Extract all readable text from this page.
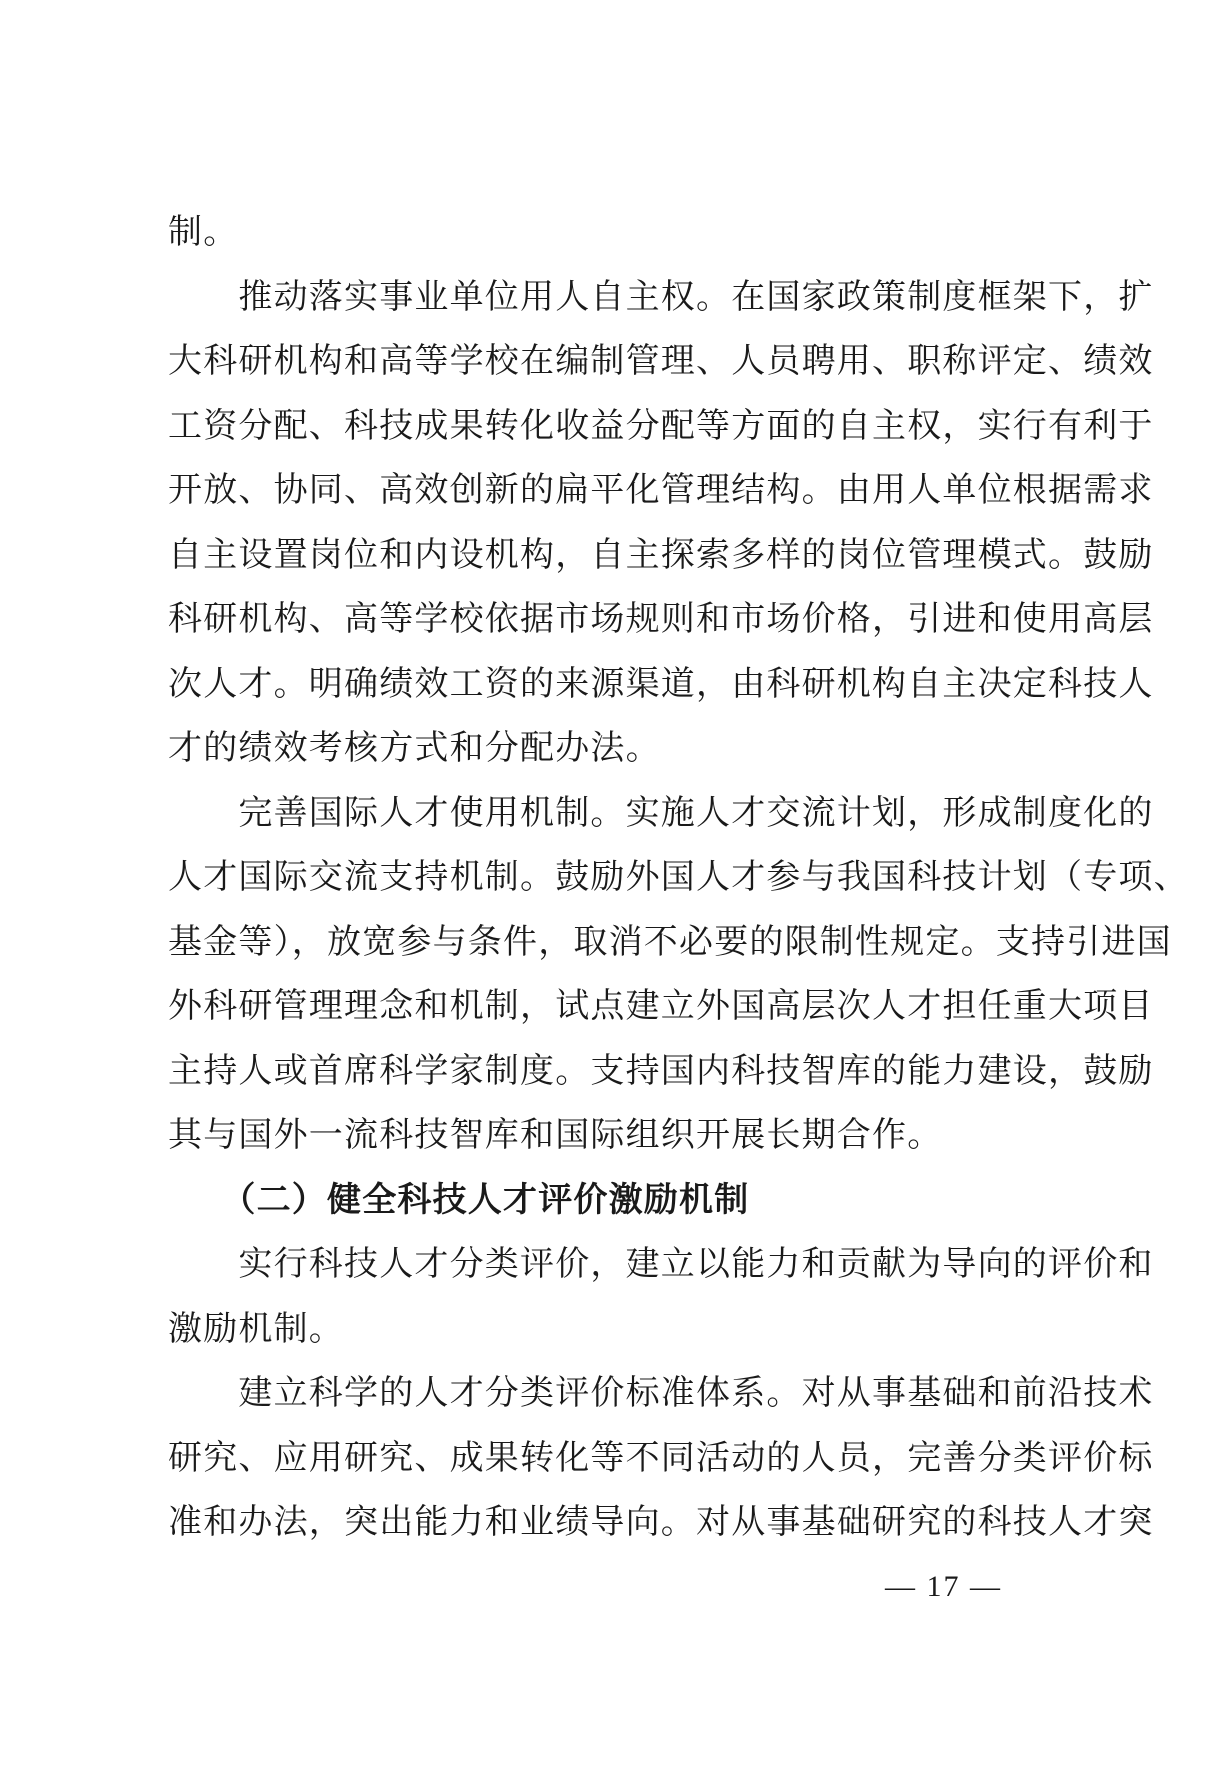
制。
　　推动落实事业单位用人自主权。在国家政策制度框架下，扩
大科研机构和高等学校在编制管理、人员聘用、职称评定、绩效
工资分配、科技成果转化收益分配等方面的自主权，实行有利于
开放、协同、高效创新的扁平化管理结构。由用人单位根据需求
自主设置岗位和内设机构，自主探索多样的岗位管理模式。鼓励
科研机构、高等学校依据市场规则和市场价格，引进和使用高层
次人才。明确绩效工资的来源渠道，由科研机构自主决定科技人
才的绩效考核方式和分配办法。
　　完善国际人才使用机制。实施人才交流计划，形成制度化的
人才国际交流支持机制。鼓励外国人才参与我国科技计划（专项、
基金等），放宽参与条件，取消不必要的限制性规定。支持引进国
外科研管理理念和机制，试点建立外国高层次人才担任重大项目
主持人或首席科学家制度。支持国内科技智库的能力建设，鼓励
其与国外一流科技智库和国际组织开展长期合作。
　　（二）健全科技人才评价激励机制
　　实行科技人才分类评价，建立以能力和贡献为导向的评价和
激励机制。
　　建立科学的人才分类评价标准体系。对从事基础和前沿技术
研究、应用研究、成果转化等不同活动的人员，完善分类评价标
准和办法，突出能力和业绩导向。对从事基础研究的科技人才突
— 17 —
